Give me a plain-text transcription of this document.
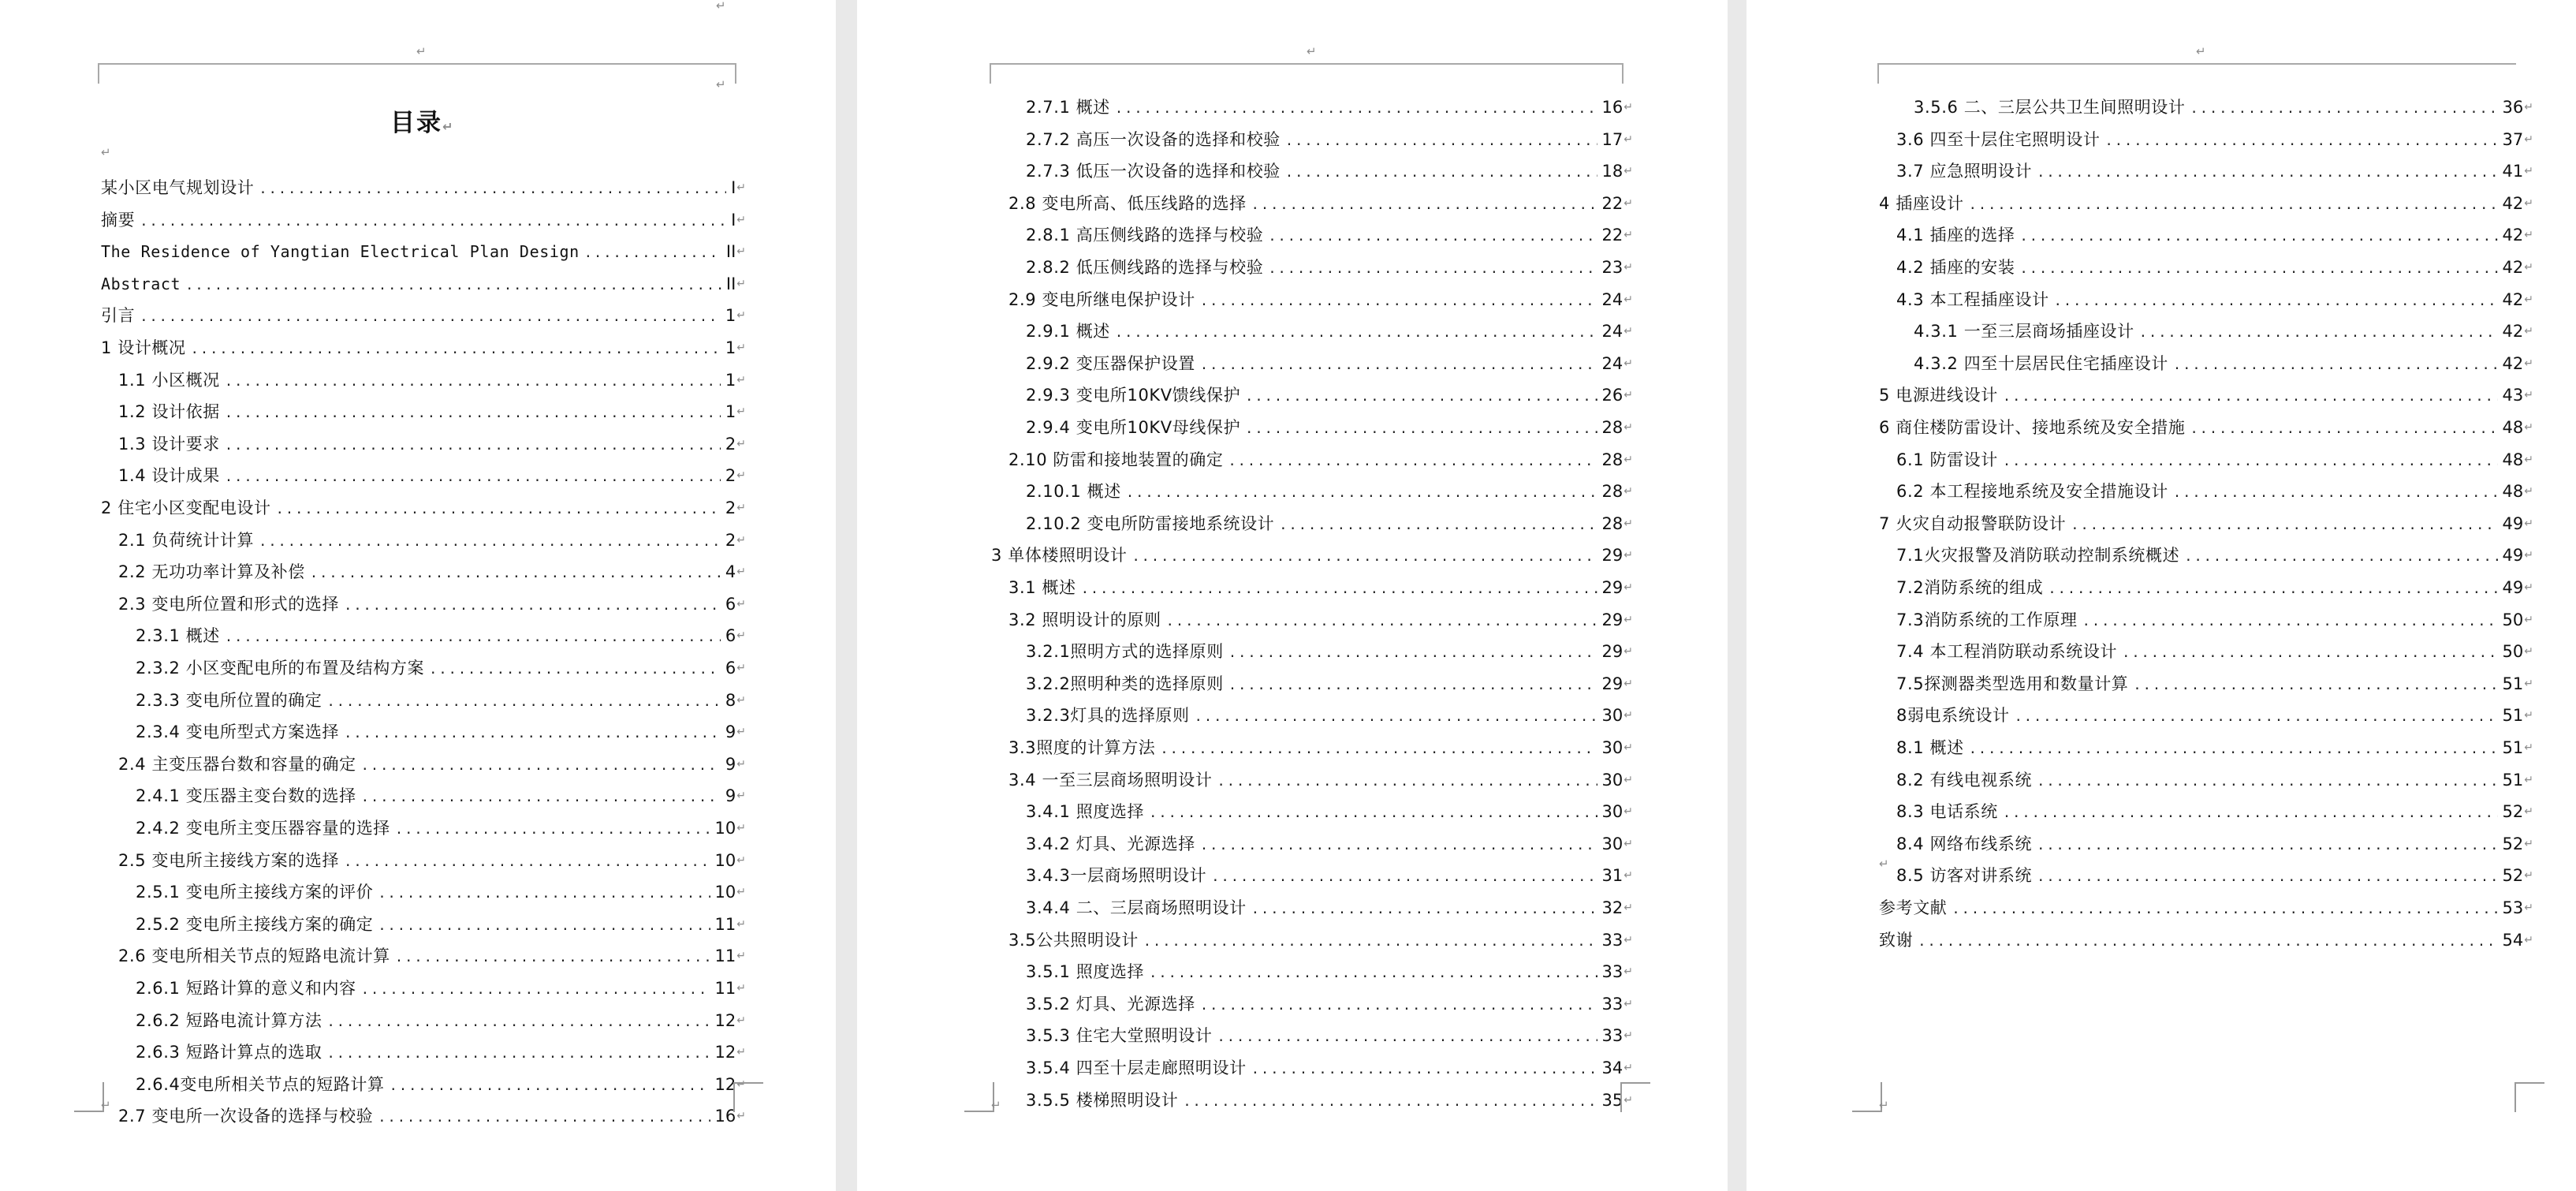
↵
↵
↵
目录↵
↵
某小区电气规划设计 .....	I ↵
摘要 .....	I ↵
The Residence of Yangtian Electrical Plan Design .....	II ↵
Abstract .....	II ↵
引言 .....	1 ↵
1 设计概况 .....	1 ↵
1.1 小区概况 .....	1 ↵
1.2 设计依据 .....	1 ↵
1.3 设计要求 .....	2 ↵
1.4 设计成果 .....	2 ↵
2 住宅小区变配电设计 .....	2 ↵
2.1 负荷统计计算 .....	2 ↵
2.2 无功功率计算及补偿 .....	4 ↵
2.3 变电所位置和形式的选择 .....	6 ↵
2.3.1 概述 .....	6 ↵
2.3.2 小区变配电所的布置及结构方案 .....	6 ↵
2.3.3 变电所位置的确定 .....	8 ↵
2.3.4 变电所型式方案选择 .....	9 ↵
2.4 主变压器台数和容量的确定 .....	9 ↵
2.4.1 变压器主变台数的选择 .....	9 ↵
2.4.2 变电所主变压器容量的选择 .....	10 ↵
2.5 变电所主接线方案的选择 .....	10 ↵
2.5.1 变电所主接线方案的评价 .....	10 ↵
2.5.2 变电所主接线方案的确定 .....	11 ↵
2.6 变电所相关节点的短路电流计算 .....	11 ↵
2.6.1 短路计算的意义和内容 .....	11 ↵
2.6.2 短路电流计算方法 .....	12 ↵
2.6.3 短路计算点的选取 .....	12 ↵
2.6.4变电所相关节点的短路计算 .....	12 ↵
2.7 变电所一次设备的选择与校验 .....	16 ↵
↵
↵
2.7.1 概述 .....	16 ↵
2.7.2 高压一次设备的选择和校验 .....	17 ↵
2.7.3 低压一次设备的选择和校验 .....	18 ↵
2.8 变电所高、低压线路的选择 .....	22 ↵
2.8.1 高压侧线路的选择与校验 .....	22 ↵
2.8.2 低压侧线路的选择与校验 .....	23 ↵
2.9 变电所继电保护设计 .....	24 ↵
2.9.1 概述 .....	24 ↵
2.9.2 变压器保护设置 .....	24 ↵
2.9.3 变电所10KV馈线保护 .....	26 ↵
2.9.4 变电所10KV母线保护 .....	28 ↵
2.10 防雷和接地装置的确定 .....	28 ↵
2.10.1 概述 .....	28 ↵
2.10.2 变电所防雷接地系统设计 .....	28 ↵
3 单体楼照明设计 .....	29 ↵
3.1 概述 .....	29 ↵
3.2 照明设计的原则 .....	29 ↵
3.2.1照明方式的选择原则 .....	29 ↵
3.2.2照明种类的选择原则 .....	29 ↵
3.2.3灯具的选择原则 .....	30 ↵
3.3照度的计算方法 .....	30 ↵
3.4 一至三层商场照明设计 .....	30 ↵
3.4.1 照度选择 .....	30 ↵
3.4.2 灯具、光源选择 .....	30 ↵
3.4.3一层商场照明设计 .....	31 ↵
3.4.4 二、三层商场照明设计 .....	32 ↵
3.5公共照明设计 .....	33 ↵
3.5.1 照度选择 .....	33 ↵
3.5.2 灯具、光源选择 .....	33 ↵
3.5.3 住宅大堂照明设计 .....	33 ↵
3.5.4 四至十层走廊照明设计 .....	34 ↵
3.5.5 楼梯照明设计 .....	35 ↵
↵
↵
3.5.6 二、三层公共卫生间照明设计 .....	36 ↵
3.6 四至十层住宅照明设计 .....	37 ↵
3.7 应急照明设计 .....	41 ↵
4 插座设计 .....	42 ↵
4.1 插座的选择 .....	42 ↵
4.2 插座的安装 .....	42 ↵
4.3 本工程插座设计 .....	42 ↵
4.3.1 一至三层商场插座设计 .....	42 ↵
4.3.2 四至十层居民住宅插座设计 .....	42 ↵
5 电源进线设计 .....	43 ↵
6 商住楼防雷设计、接地系统及安全措施 .....	48 ↵
6.1 防雷设计 .....	48 ↵
6.2 本工程接地系统及安全措施设计 .....	48 ↵
7 火灾自动报警联防设计 .....	49 ↵
7.1火灾报警及消防联动控制系统概述 .....	49 ↵
7.2消防系统的组成 .....	49 ↵
7.3消防系统的工作原理 .....	50 ↵
7.4 本工程消防联动系统设计 .....	50 ↵
7.5探测器类型选用和数量计算 .....	51 ↵
8弱电系统设计 .....	51 ↵
8.1 概述 .....	51 ↵
8.2 有线电视系统 .....	51 ↵
8.3 电话系统 .....	52 ↵
8.4 网络布线系统 .....	52 ↵
8.5 访客对讲系统 .....	52 ↵
参考文献 .....	53 ↵
致谢 .....	54 ↵
↵
↵
